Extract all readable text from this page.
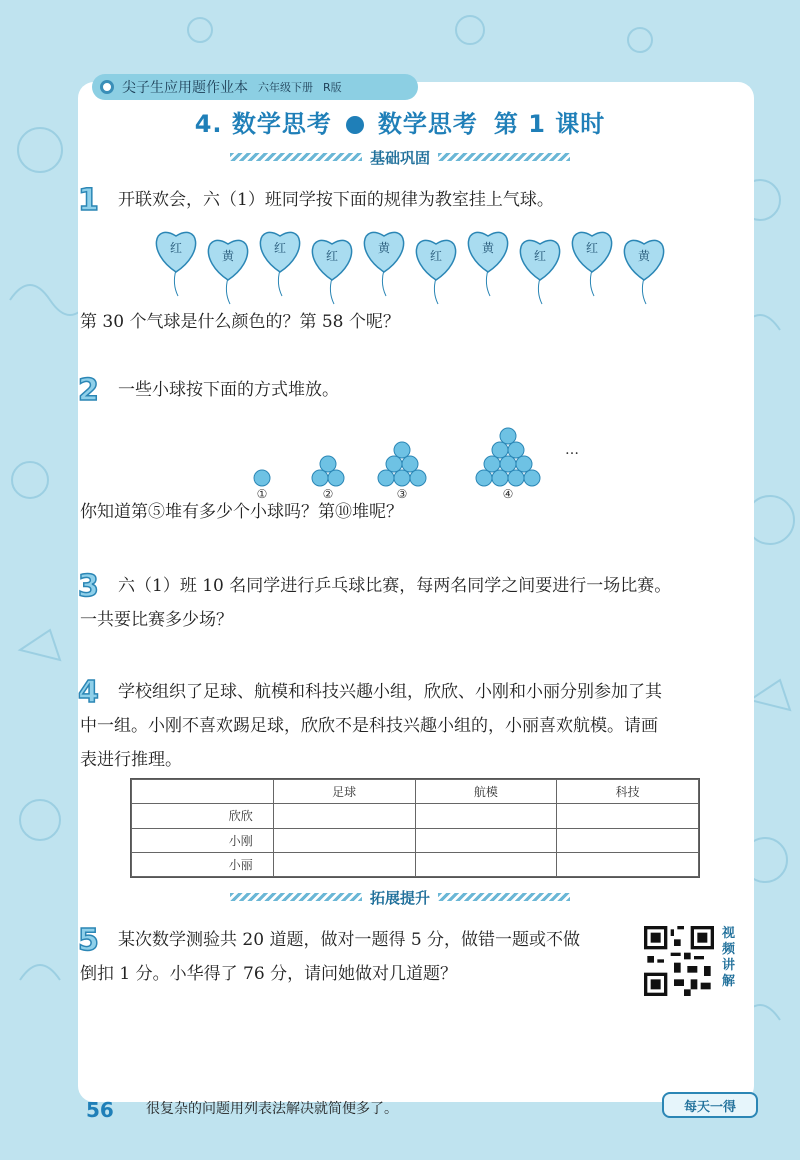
尖子生应用题作业本 六年级下册 R版
4. 数学思考 数学思考 第 1 课时
基础巩固
1 开联欢会，六（1）班同学按下面的规律为教室挂上气球。
红
黄
红
红
黄
红
黄
红
红
黄
第 30 个气球是什么颜色的？第 58 个呢？
2 一些小球按下面的方式堆放。
①	②	③	④
…
你知道第⑤堆有多少个小球吗？第⑩堆呢？
3 六（1）班 10 名同学进行乒乓球比赛，每两名同学之间要进行一场比赛。
一共要比赛多少场？
4 学校组织了足球、航模和科技兴趣小组，欣欣、小刚和小丽分别参加了其
中一组。小刚不喜欢踢足球，欣欣不是科技兴趣小组的，小丽喜欢航模。请画
表进行推理。
	足球	航模	科技
欣欣			
小刚			
小丽			
拓展提升
5 某次数学测验共 20 道题，做对一题得 5 分，做错一题或不做
倒扣 1 分。小华得了 76 分，请问她做对几道题？
视频讲解
56 很复杂的问题用列表法解决就简便多了。	每天一得
